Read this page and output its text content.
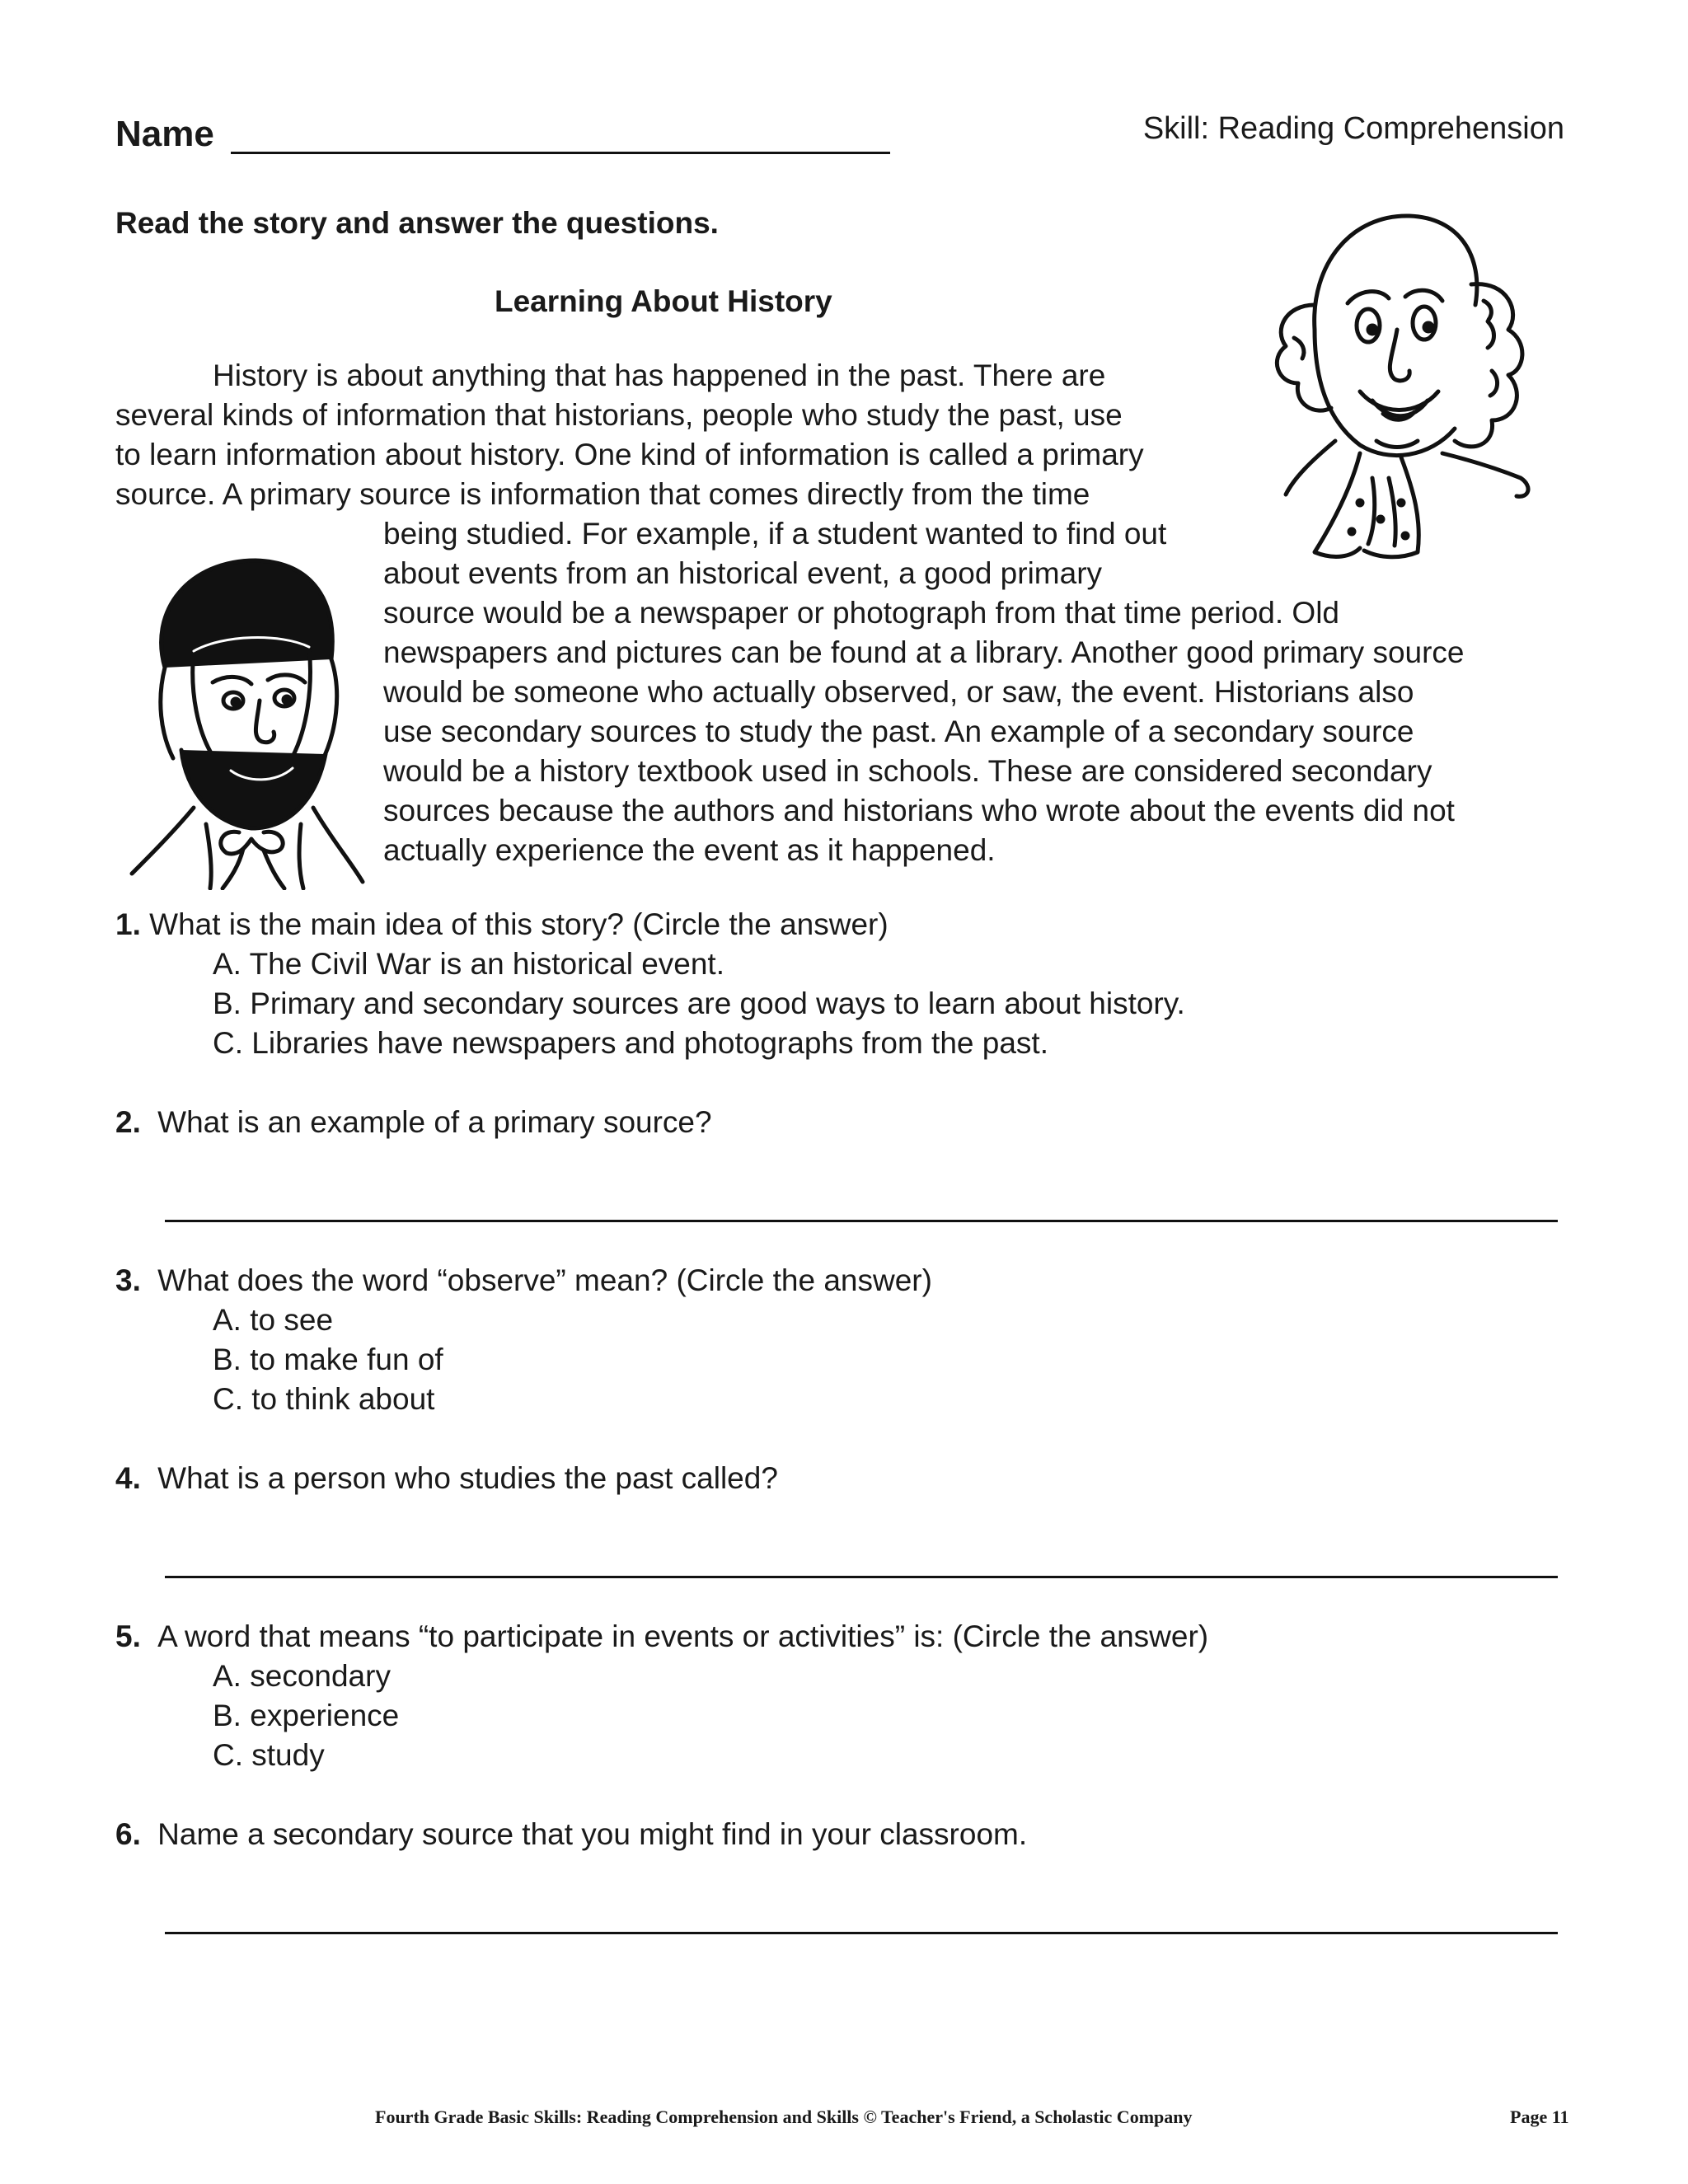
Name	Skill: Reading Comprehension
Read the story and answer the questions.
Learning About History
History is about anything that has happened in the past. There are
several kinds of information that historians, people who study the past, use
to learn information about history. One kind of information is called a primary
source. A primary source is information that comes directly from the time
being studied. For example, if a student wanted to find out
about events from an historical event, a good primary
source would be a newspaper or photograph from that time period. Old
newspapers and pictures can be found at a library. Another good primary source
would be someone who actually observed, or saw, the event. Historians also
use secondary sources to study the past. An example of a secondary source
would be a history textbook used in schools. These are considered secondary
sources because the authors and historians who wrote about the events did not
actually experience the event as it happened.
1. What is the main idea of this story? (Circle the answer)
A. The Civil War is an historical event.
B. Primary and secondary sources are good ways to learn about history.
C. Libraries have newspapers and photographs from the past.
2. What is an example of a primary source?
3. What does the word “observe” mean? (Circle the answer)
A. to see
B. to make fun of
C. to think about
4. What is a person who studies the past called?
5. A word that means “to participate in events or activities” is: (Circle the answer)
A. secondary
B. experience
C. study
6. Name a secondary source that you might find in your classroom.
Fourth Grade Basic Skills: Reading Comprehension and Skills © Teacher's Friend, a Scholastic Company	Page 11
